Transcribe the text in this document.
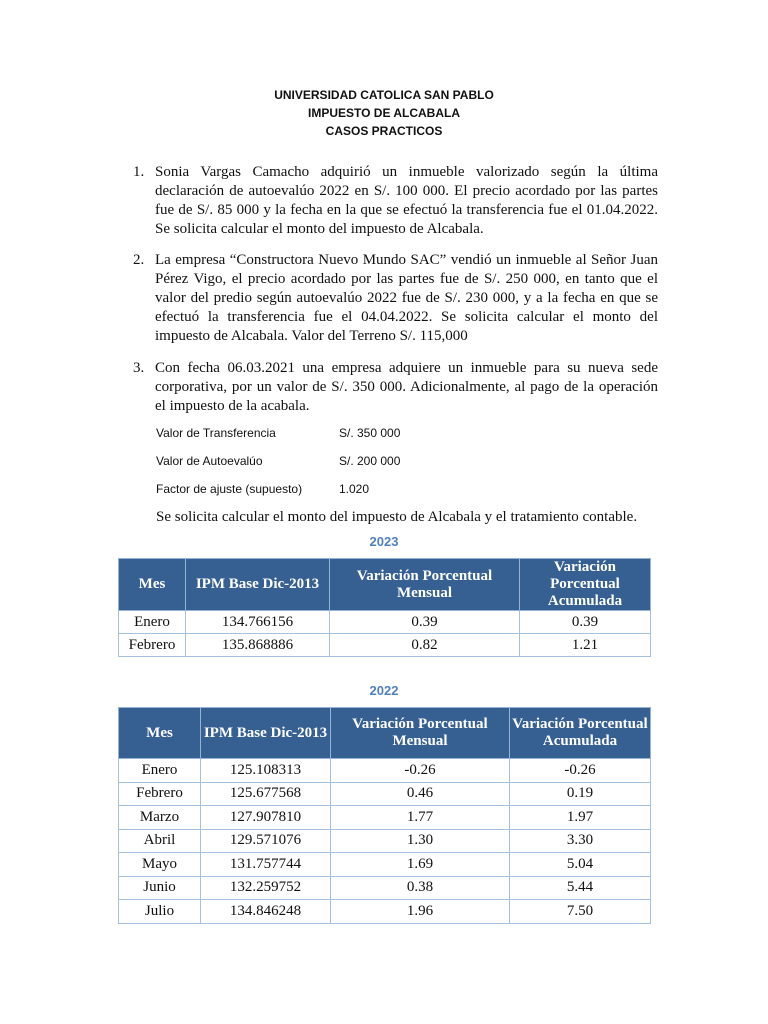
UNIVERSIDAD CATOLICA SAN PABLO
IMPUESTO DE ALCABALA
CASOS PRACTICOS
1. Sonia Vargas Camacho adquirió un inmueble valorizado según la última declaración de autoevalúo 2022 en S/. 100 000. El precio acordado por las partes fue de S/. 85 000 y la fecha en la que se efectuó la transferencia fue el 01.04.2022. Se solicita calcular el monto del impuesto de Alcabala.
2. La empresa “Constructora Nuevo Mundo SAC” vendió un inmueble al Señor Juan Pérez Vigo, el precio acordado por las partes fue de S/. 250 000, en tanto que el valor del predio según autoevalúo 2022 fue de S/. 230 000, y a la fecha en que se efectuó la transferencia fue el 04.04.2022. Se solicita calcular el monto del impuesto de Alcabala. Valor del Terreno S/. 115,000
3. Con fecha 06.03.2021 una empresa adquiere un inmueble para su nueva sede corporativa, por un valor de S/. 350 000. Adicionalmente, al pago de la operación el impuesto de la acabala.
Valor de Transferencia	S/. 350 000
Valor de Autoevalúo	S/. 200 000
Factor de ajuste (supuesto)	1.020
Se solicita calcular el monto del impuesto de Alcabala y el tratamiento contable.
2023
Mes	IPM Base Dic-2013	Variación Porcentual Mensual	Variación Porcentual Acumulada
Enero	134.766156	0.39	0.39
Febrero	135.868886	0.82	1.21
2022
Mes	IPM Base Dic-2013	Variación Porcentual Mensual	Variación Porcentual Acumulada
Enero	125.108313	-0.26	-0.26
Febrero	125.677568	0.46	0.19
Marzo	127.907810	1.77	1.97
Abril	129.571076	1.30	3.30
Mayo	131.757744	1.69	5.04
Junio	132.259752	0.38	5.44
Julio	134.846248	1.96	7.50
